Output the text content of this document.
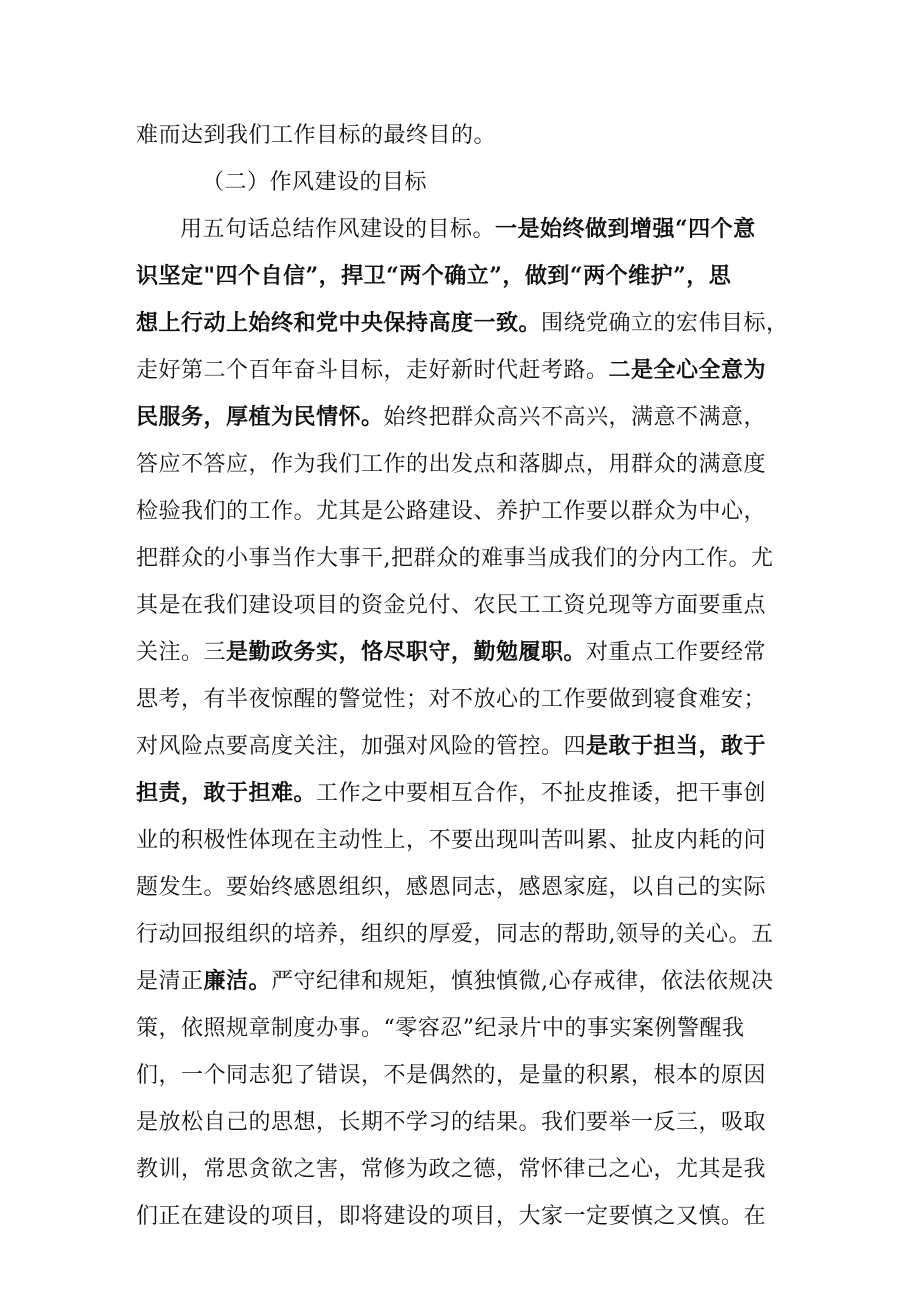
难而达到我们工作目标的最终目的。
（二）作风建设的目标
用五句话总结作风建设的目标。一是始终做到增强“四个意
识坚定"四个自信”，捍卫“两个确立”，做到“两个维护”，思
想上行动上始终和党中央保持高度一致。围绕党确立的宏伟目标，
走好第二个百年奋斗目标，走好新时代赶考路。二是全心全意为
民服务，厚植为民情怀。始终把群众高兴不高兴，满意不满意，
答应不答应，作为我们工作的出发点和落脚点，用群众的满意度
检验我们的工作。尤其是公路建设、养护工作要以群众为中心，
把群众的小事当作大事干,把群众的难事当成我们的分内工作。尤
其是在我们建设项目的资金兑付、农民工工资兑现等方面要重点
关注。三是勤政务实，恪尽职守，勤勉履职。对重点工作要经常
思考，有半夜惊醒的警觉性；对不放心的工作要做到寝食难安；
对风险点要高度关注，加强对风险的管控。四是敢于担当，敢于
担责，敢于担难。工作之中要相互合作，不扯皮推诿，把干事创
业的积极性体现在主动性上，不要出现叫苦叫累、扯皮内耗的问
题发生。要始终感恩组织，感恩同志，感恩家庭，以自己的实际
行动回报组织的培养，组织的厚爱，同志的帮助,领导的关心。五
是清正廉洁。严守纪律和规矩，慎独慎微,心存戒律，依法依规决
策，依照规章制度办事。“零容忍”纪录片中的事实案例警醒我
们，一个同志犯了错误，不是偶然的，是量的积累，根本的原因
是放松自己的思想，长期不学习的结果。我们要举一反三，吸取
教训，常思贪欲之害，常修为政之德，常怀律己之心，尤其是我
们正在建设的项目，即将建设的项目，大家一定要慎之又慎。在
